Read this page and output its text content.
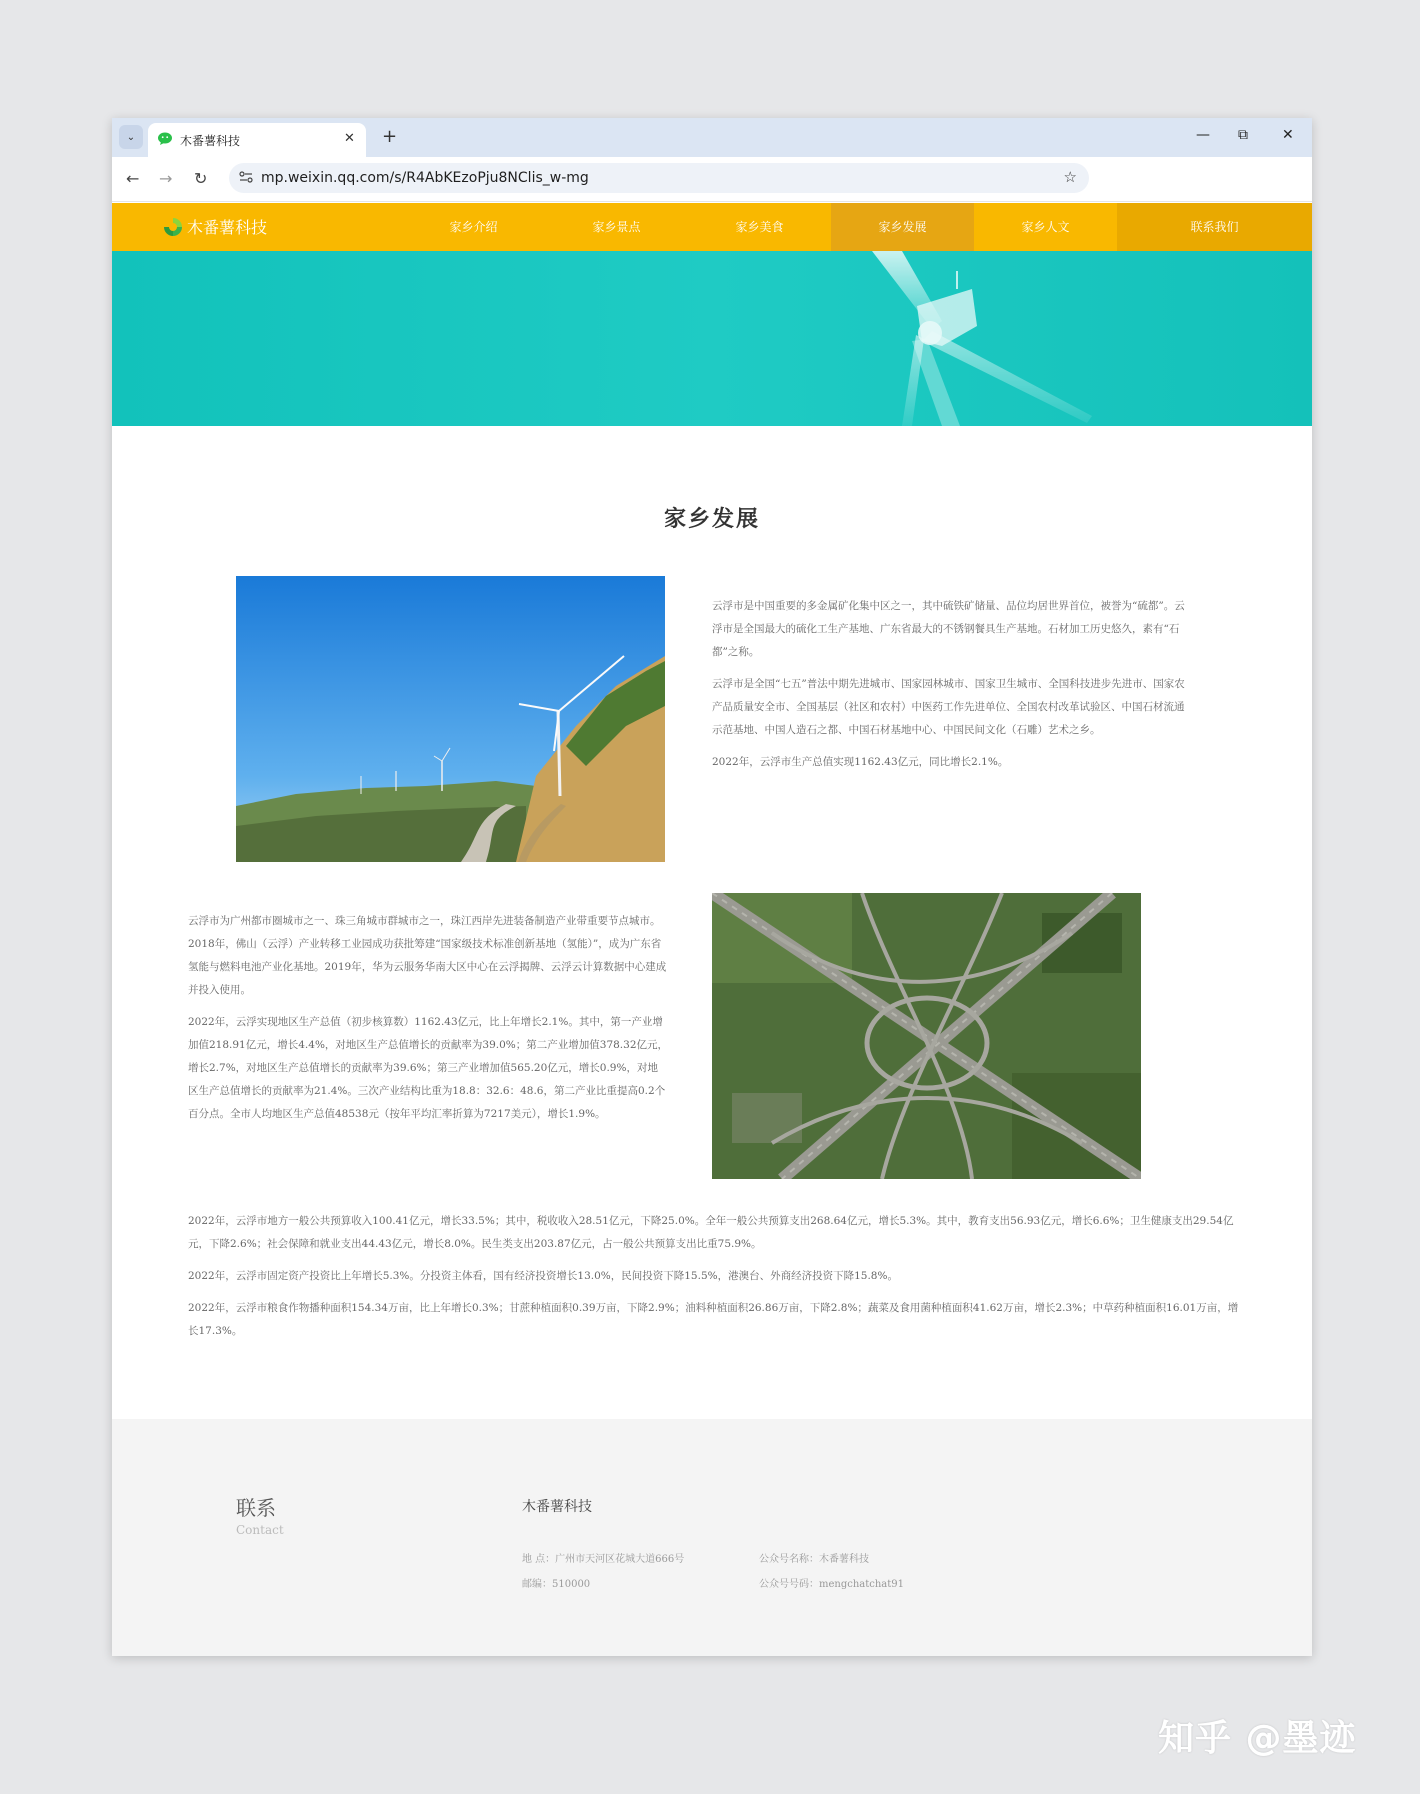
⌄	木番薯科技	✕ +	— ⧉ ✕
← → ↻	mp.weixin.qq.com/s/R4AbKEzoPju8NClis_w-mg	☆
木番薯科技	家乡介绍	家乡景点	家乡美食	家乡发展	家乡人文	联系我们
家乡发展

云浮市是中国重要的多金属矿化集中区之一，其中硫铁矿储量、品位均居世界首位，被誉为“硫都”。云浮市是全国最大的硫化工生产基地、广东省最大的不锈钢餐具生产基地。石材加工历史悠久，素有“石都”之称。

云浮市是全国“七五”普法中期先进城市、国家园林城市、国家卫生城市、全国科技进步先进市、国家农产品质量安全市、全国基层（社区和农村）中医药工作先进单位、全国农村改革试验区、中国石材流通示范基地、中国人造石之都、中国石材基地中心、中国民间文化（石雕）艺术之乡。

2022年，云浮市生产总值实现1162.43亿元，同比增长2.1%。

云浮市为广州都市圈城市之一、珠三角城市群城市之一，珠江西岸先进装备制造产业带重要节点城市。2018年，佛山（云浮）产业转移工业园成功获批筹建“国家级技术标准创新基地（氢能）”，成为广东省氢能与燃料电池产业化基地。2019年，华为云服务华南大区中心在云浮揭牌、云浮云计算数据中心建成并投入使用。

2022年，云浮实现地区生产总值（初步核算数）1162.43亿元，比上年增长2.1%。其中，第一产业增加值218.91亿元，增长4.4%，对地区生产总值增长的贡献率为39.0%；第二产业增加值378.32亿元，增长2.7%，对地区生产总值增长的贡献率为39.6%；第三产业增加值565.20亿元，增长0.9%，对地区生产总值增长的贡献率为21.4%。三次产业结构比重为18.8：32.6：48.6，第二产业比重提高0.2个百分点。全市人均地区生产总值48538元（按年平均汇率折算为7217美元），增长1.9%。

2022年，云浮市地方一般公共预算收入100.41亿元，增长33.5%；其中，税收收入28.51亿元，下降25.0%。全年一般公共预算支出268.64亿元，增长5.3%。其中，教育支出56.93亿元，增长6.6%；卫生健康支出29.54亿元，下降2.6%；社会保障和就业支出44.43亿元，增长8.0%。民生类支出203.87亿元，占一般公共预算支出比重75.9%。

2022年，云浮市固定资产投资比上年增长5.3%。分投资主体看，国有经济投资增长13.0%，民间投资下降15.5%，港澳台、外商经济投资下降15.8%。

2022年，云浮市粮食作物播种面积154.34万亩，比上年增长0.3%；甘蔗种植面积0.39万亩，下降2.9%；油料种植面积26.86万亩，下降2.8%；蔬菜及食用菌种植面积41.62万亩，增长2.3%；中草药种植面积16.01万亩，增长17.3%。

联系
Contact
木番薯科技
地 点：广州市天河区花城大道666号
邮编：510000
公众号名称：木番薯科技
公众号号码：mengchatchat91
知乎 @墨迹
